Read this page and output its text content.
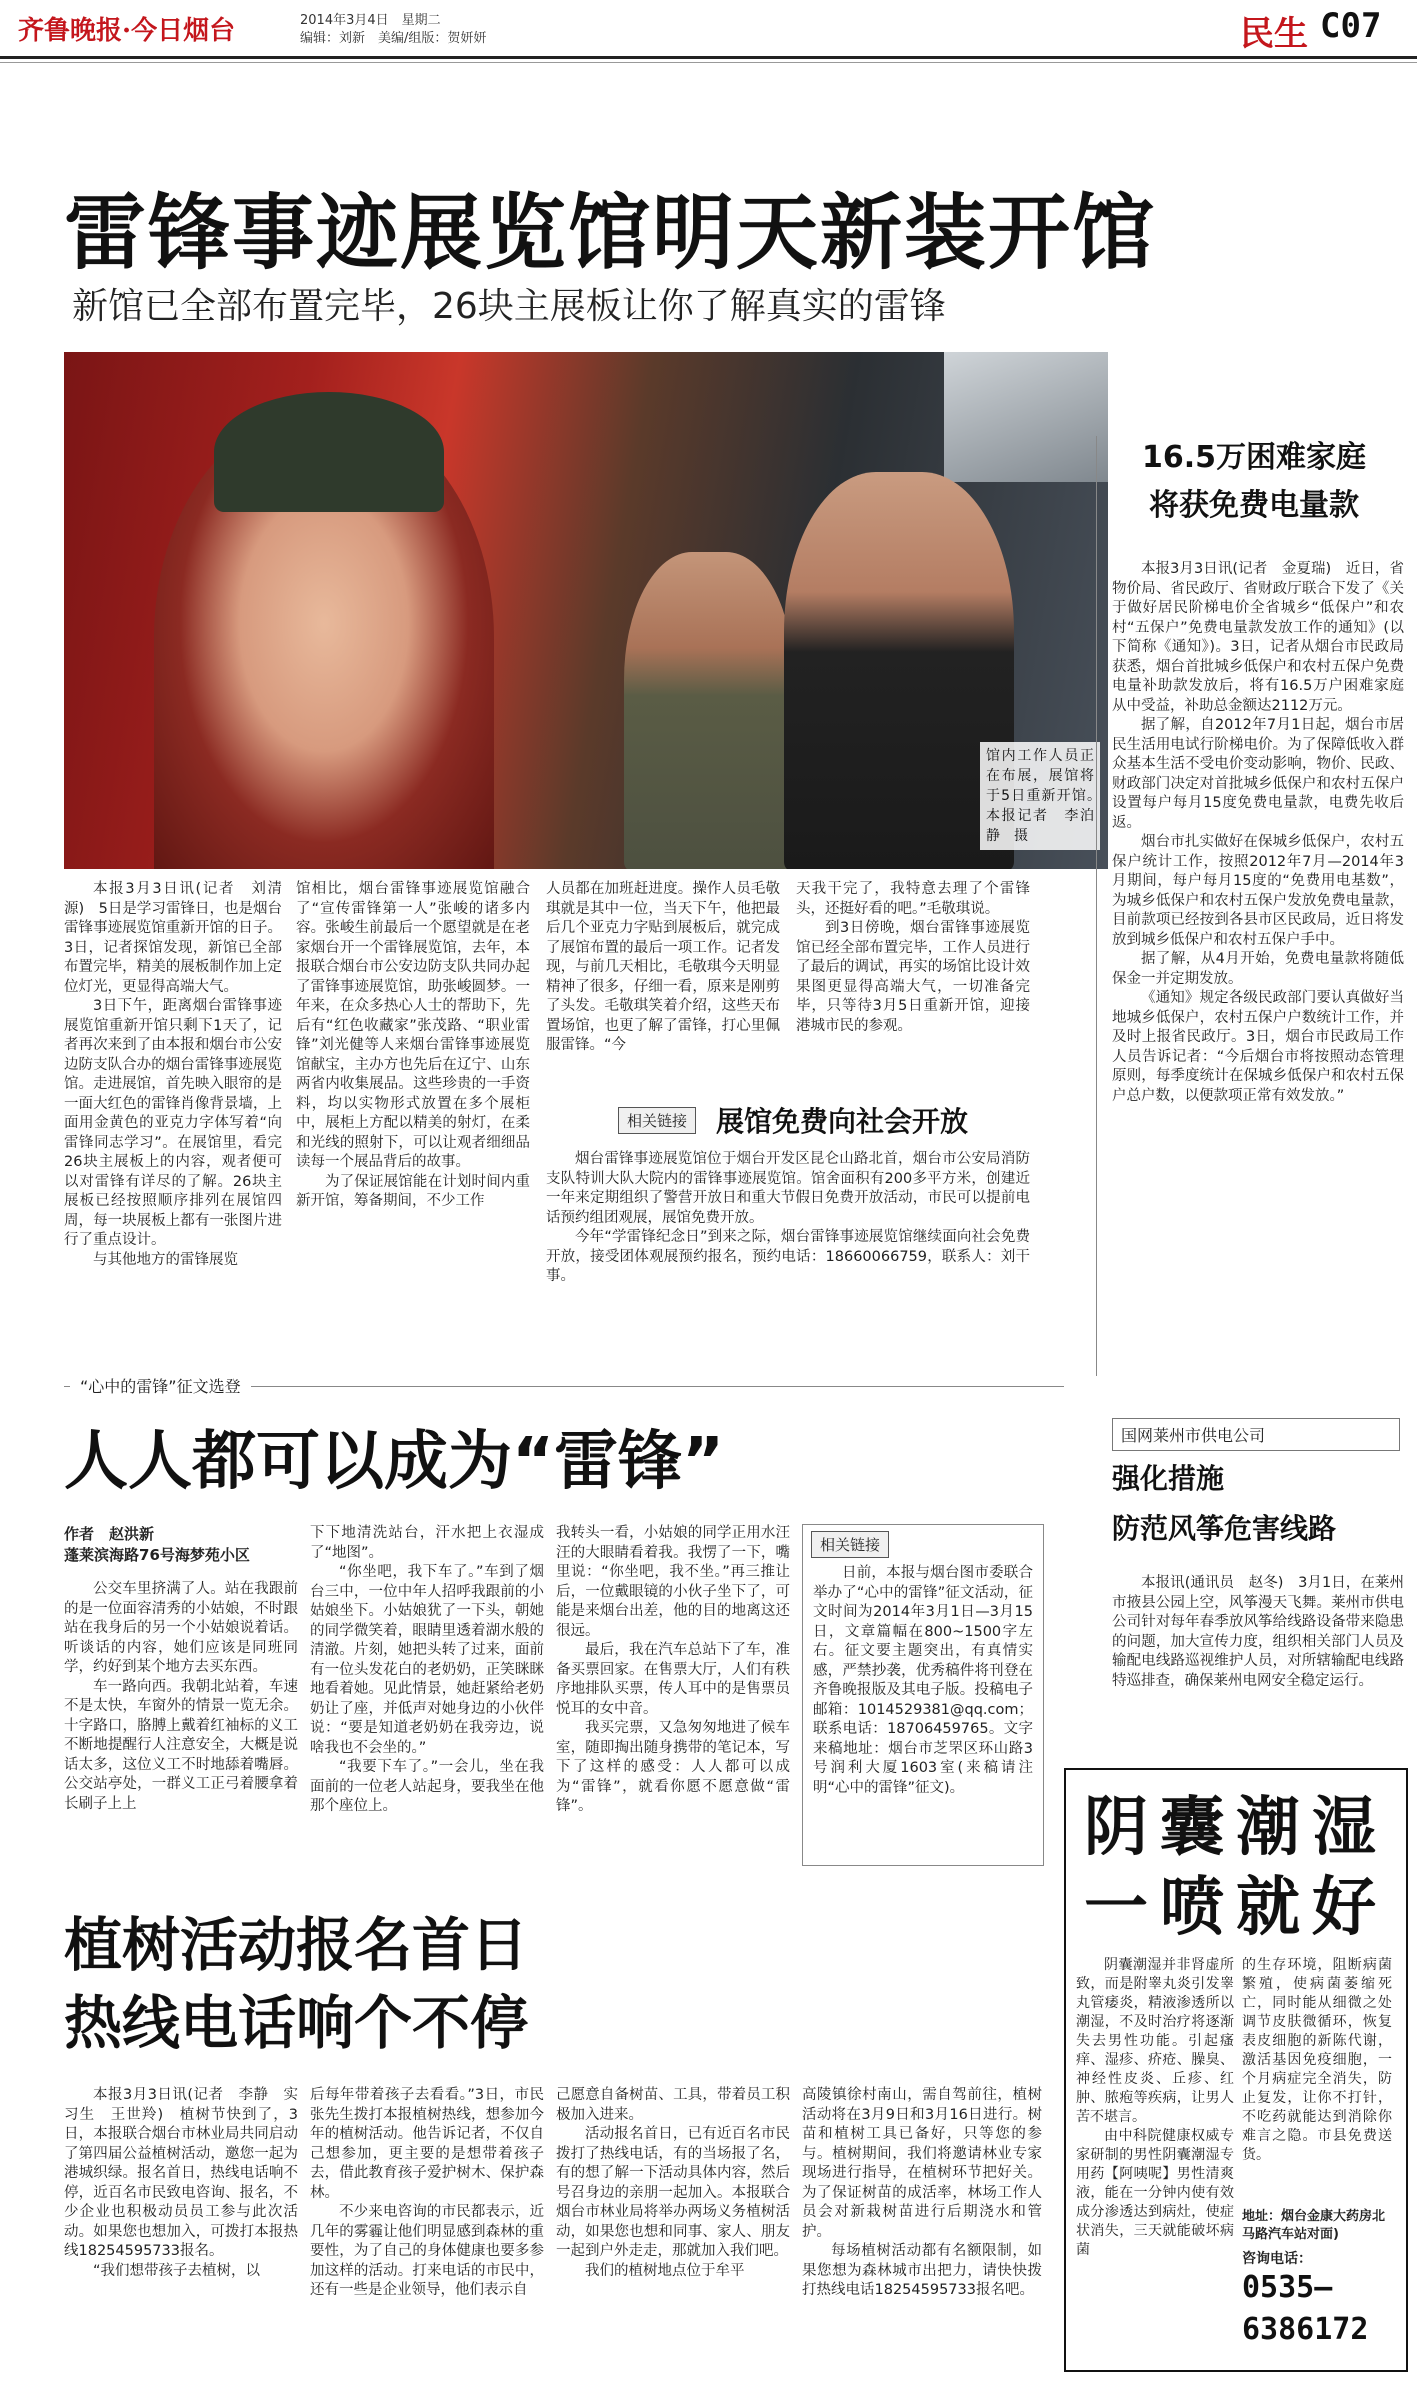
齐鲁晚报·今日烟台	2014年3月4日　星期二
编辑：刘新　美编/组版：贺妍妍	民生 C07
雷锋事迹展览馆明天新装开馆
新馆已全部布置完毕，26块主展板让你了解真实的雷锋
馆内工作人员正在布展，展馆将于5日重新开馆。　本报记者　李泊静　摄

本报3月3日讯(记者　刘清源)　5日是学习雷锋日，也是烟台雷锋事迹展览馆重新开馆的日子。3日，记者探馆发现，新馆已全部布置完毕，精美的展板制作加上定位灯光，更显得高端大气。

3日下午，距离烟台雷锋事迹展览馆重新开馆只剩下1天了，记者再次来到了由本报和烟台市公安边防支队合办的烟台雷锋事迹展览馆。走进展馆，首先映入眼帘的是一面大红色的雷锋肖像背景墙，上面用金黄色的亚克力字体写着“向雷锋同志学习”。在展馆里，看完26块主展板上的内容，观者便可以对雷锋有详尽的了解。26块主展板已经按照顺序排列在展馆四周，每一块展板上都有一张图片进行了重点设计。

与其他地方的雷锋展览

馆相比，烟台雷锋事迹展览馆融合了“宣传雷锋第一人”张峻的诸多内容。张峻生前最后一个愿望就是在老家烟台开一个雷锋展览馆，去年，本报联合烟台市公安边防支队共同办起了雷锋事迹展览馆，助张峻圆梦。一年来，在众多热心人士的帮助下，先后有“红色收藏家”张茂路、“职业雷锋”刘光健等人来烟台雷锋事迹展览馆献宝，主办方也先后在辽宁、山东两省内收集展品。这些珍贵的一手资料，均以实物形式放置在多个展柜中，展柜上方配以精美的射灯，在柔和光线的照射下，可以让观者细细品读每一个展品背后的故事。

为了保证展馆能在计划时间内重新开馆，筹备期间，不少工作

人员都在加班赶进度。操作人员毛敬琪就是其中一位，当天下午，他把最后几个亚克力字贴到展板后，就完成了展馆布置的最后一项工作。记者发现，与前几天相比，毛敬琪今天明显精神了很多，仔细一看，原来是刚剪了头发。毛敬琪笑着介绍，这些天布置场馆，也更了解了雷锋，打心里佩服雷锋。“今

天我干完了，我特意去理了个雷锋头，还挺好看的吧。”毛敬琪说。

到3日傍晚，烟台雷锋事迹展览馆已经全部布置完毕，工作人员进行了最后的调试，再实的场馆比设计效果图更显得高端大气，一切准备完毕，只等待3月5日重新开馆，迎接港城市民的参观。

相关链接	展馆免费向社会开放

烟台雷锋事迹展览馆位于烟台开发区昆仑山路北首，烟台市公安局消防支队特训大队大院内的雷锋事迹展览馆。馆舍面积有200多平方米，创建近一年来定期组织了警营开放日和重大节假日免费开放活动，市民可以提前电话预约组团观展，展馆免费开放。

今年“学雷锋纪念日”到来之际，烟台雷锋事迹展览馆继续面向社会免费开放，接受团体观展预约报名，预约电话：18660066759，联系人：刘干事。

16.5万困难家庭
将获免费电量款

本报3月3日讯(记者　金夏瑞)　近日，省物价局、省民政厅、省财政厅联合下发了《关于做好居民阶梯电价全省城乡“低保户”和农村“五保户”免费电量款发放工作的通知》(以下简称《通知》)。3日，记者从烟台市民政局获悉，烟台首批城乡低保户和农村五保户免费电量补助款发放后，将有16.5万户困难家庭从中受益，补助总金额达2112万元。

据了解，自2012年7月1日起，烟台市居民生活用电试行阶梯电价。为了保障低收入群众基本生活不受电价变动影响，物价、民政、财政部门决定对首批城乡低保户和农村五保户设置每户每月15度免费电量款，电费先收后返。

烟台市扎实做好在保城乡低保户，农村五保户统计工作，按照2012年7月—2014年3月期间，每户每月15度的“免费用电基数”，为城乡低保户和农村五保户发放免费电量款，目前款项已经按到各县市区民政局，近日将发放到城乡低保户和农村五保户手中。

据了解，从4月开始，免费电量款将随低保金一并定期发放。

《通知》规定各级民政部门要认真做好当地城乡低保户，农村五保户户数统计工作，并及时上报省民政厅。3日，烟台市民政局工作人员告诉记者：“今后烟台市将按照动态管理原则，每季度统计在保城乡低保户和农村五保户总户数，以便款项正常有效发放。”

国网莱州市供电公司
强化措施
防范风筝危害线路

本报讯(通讯员　赵冬)　3月1日，在莱州市掖县公园上空，风筝漫天飞舞。莱州市供电公司针对每年春季放风筝给线路设备带来隐患的问题，加大宣传力度，组织相关部门人员及输配电线路巡视维护人员，对所辖输配电线路特巡排查，确保莱州电网安全稳定运行。

“心中的雷锋”征文选登
人人都可以成为“雷锋”
作者　赵洪新
蓬莱滨海路76号海梦苑小区

公交车里挤满了人。站在我跟前的是一位面容清秀的小姑娘，不时跟站在我身后的另一个小姑娘说着话。听谈话的内容，她们应该是同班同学，约好到某个地方去买东西。

车一路向西。我朝北站着，车速不是太快，车窗外的情景一览无余。十字路口，胳膊上戴着红袖标的义工不断地提醒行人注意安全，大概是说话太多，这位义工不时地舔着嘴唇。公交站亭处，一群义工正弓着腰拿着长刷子上上

下下地清洗站台，汗水把上衣湿成了“地图”。

“你坐吧，我下车了。”车到了烟台三中，一位中年人招呼我跟前的小姑娘坐下。小姑娘犹了一下头，朝她的同学微笑着，眼睛里透着湖水般的清澈。片刻，她把头转了过来，面前有一位头发花白的老奶奶，正笑眯眯地看着她。见此情景，她赶紧给老奶奶让了座，并低声对她身边的小伙伴说：“要是知道老奶奶在我旁边，说啥我也不会坐的。”

“我要下车了。”一会儿，坐在我面前的一位老人站起身，要我坐在他那个座位上。

我转头一看，小姑娘的同学正用水汪汪的大眼睛看着我。我愣了一下，嘴里说：“你坐吧，我不坐。”再三推让后，一位戴眼镜的小伙子坐下了，可能是来烟台出差，他的目的地离这还很远。

最后，我在汽车总站下了车，准备买票回家。在售票大厅，人们有秩序地排队买票，传人耳中的是售票员悦耳的女中音。

我买完票，又急匆匆地进了候车室，随即掏出随身携带的笔记本，写下了这样的感受：人人都可以成为“雷锋”，就看你愿不愿意做“雷锋”。

相关链接

日前，本报与烟台图市委联合举办了“心中的雷锋”征文活动，征文时间为2014年3月1日—3月15日，文章篇幅在800~1500字左右。征文要主题突出，有真情实感，严禁抄袭，优秀稿件将刊登在齐鲁晚报版及其电子版。投稿电子邮箱：1014529381@qq.com；联系电话：18706459765。文字来稿地址：烟台市芝罘区环山路3号润利大厦1603室(来稿请注明“心中的雷锋”征文)。

植树活动报名首日
热线电话响个不停

本报3月3日讯(记者　李静　实习生　王世羚)　植树节快到了，3日，本报联合烟台市林业局共同启动了第四届公益植树活动，邀您一起为港城织绿。报名首日，热线电话响不停，近百名市民致电咨询、报名，不少企业也积极动员员工参与此次活动。如果您也想加入，可拨打本报热线18254595733报名。

“我们想带孩子去植树，以

后每年带着孩子去看看。”3日，市民张先生拨打本报植树热线，想参加今年的植树活动。他告诉记者，不仅自己想参加，更主要的是想带着孩子去，借此教育孩子爱护树木、保护森林。

不少来电咨询的市民都表示，近几年的雾霾让他们明显感到森林的重要性，为了自己的身体健康也要多参加这样的活动。打来电话的市民中，还有一些是企业领导，他们表示自

己愿意自备树苗、工具，带着员工积极加入进来。

活动报名首日，已有近百名市民拨打了热线电话，有的当场报了名，有的想了解一下活动具体内容，然后号召身边的亲朋一起加入。本报联合烟台市林业局将举办两场义务植树活动，如果您也想和同事、家人、朋友一起到户外走走，那就加入我们吧。

我们的植树地点位于牟平

高陵镇徐村南山，需自驾前往，植树活动将在3月9日和3月16日进行。树苗和植树工具已备好，只等您的参与。植树期间，我们将邀请林业专家现场进行指导，在植树环节把好关。为了保证树苗的成活率，林场工作人员会对新栽树苗进行后期浇水和管护。

每场植树活动都有名额限制，如果您想为森林城市出把力，请快快拨打热线电话18254595733报名吧。

阴囊潮湿
一喷就好

阴囊潮湿并非肾虚所致，而是附睾丸炎引发睾丸管痿炎，精液渗透所以潮湿，不及时治疗将逐渐失去男性功能。引起瘙痒、湿疹、疥疮、臊臭、神经性皮炎、丘疹、红肿、脓疱等疾病，让男人苦不堪言。

由中科院健康权威专家研制的男性阴囊潮湿专用药【阿咦呢】男性清爽液，能在一分钟内使有效成分渗透达到病灶，使症状消失，三天就能破坏病菌

的生存环境，阻断病菌繁殖，使病菌萎缩死亡，同时能从细微之处调节皮肤微循环，恢复表皮细胞的新陈代谢，激活基因免疫细胞，一个月病症完全消失，防止复发，让你不打针，不吃药就能达到消除你难言之隐。市县免费送货。

地址：烟台金康大药房北马路汽车站对面)
咨询电话：
0535—
6386172
